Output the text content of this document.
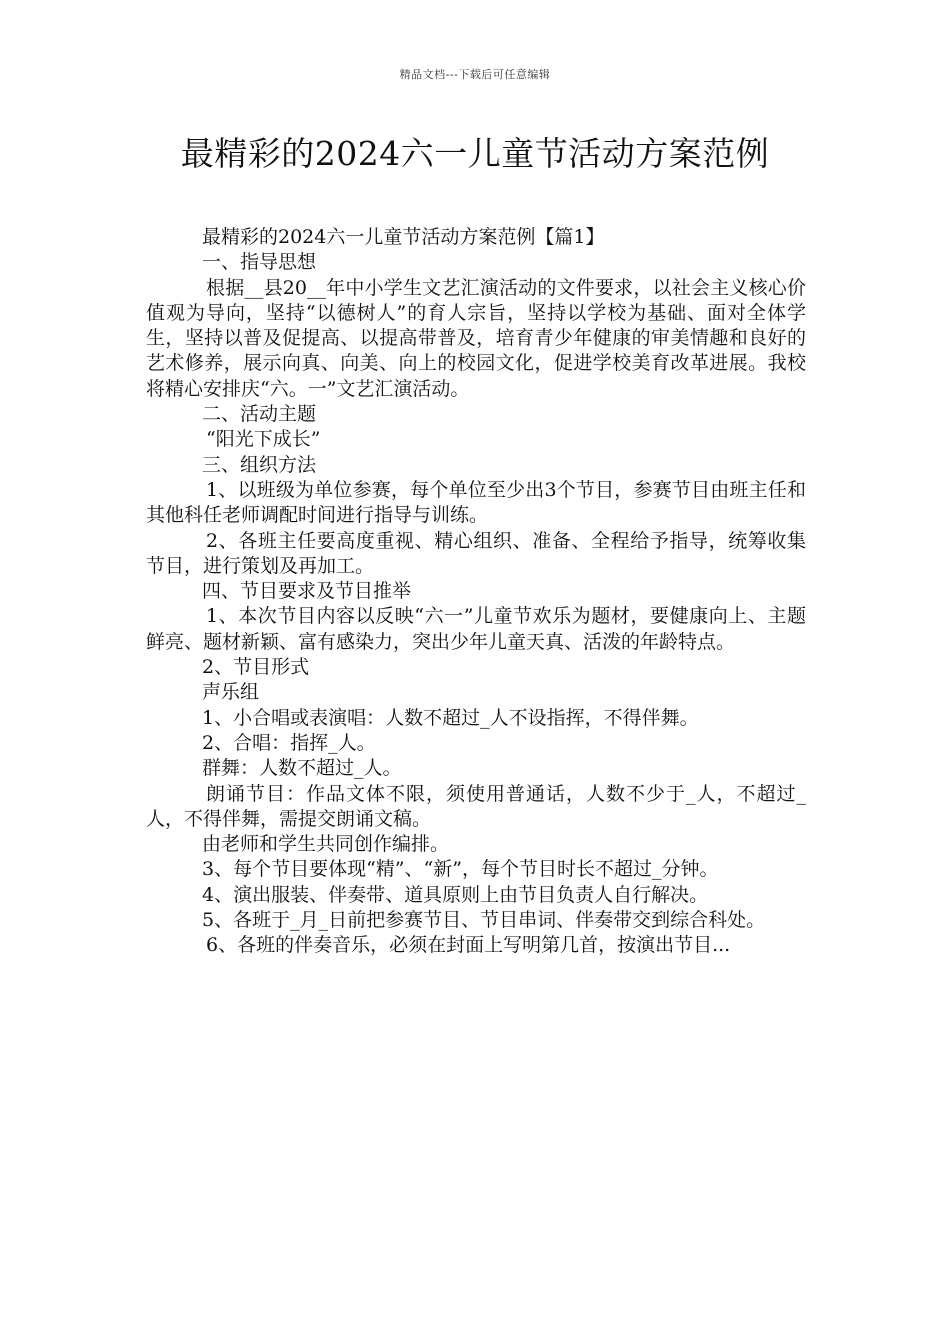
精品文档---下载后可任意编辑
最精彩的2024六一儿童节活动方案范例

最精彩的2024六一儿童节活动方案范例【篇1】

一、指导思想

根据__县20__年中小学生文艺汇演活动的文件要求，以社会主义核心价值观为导向，坚持“以德树人”的育人宗旨，坚持以学校为基础、面对全体学生，坚持以普及促提高、以提高带普及，培育青少年健康的审美情趣和良好的艺术修养，展示向真、向美、向上的校园文化，促进学校美育改革进展。我校将精心安排庆“六。一”文艺汇演活动。

二、活动主题

“阳光下成长”

三、组织方法

1、以班级为单位参赛，每个单位至少出3个节目，参赛节目由班主任和其他科任老师调配时间进行指导与训练。

2、各班主任要高度重视、精心组织、准备、全程给予指导，统筹收集节目，进行策划及再加工。

四、节目要求及节目推举

1、本次节目内容以反映“六一”儿童节欢乐为题材，要健康向上、主题鲜亮、题材新颖、富有感染力，突出少年儿童天真、活泼的年龄特点。

2、节目形式

声乐组

1、小合唱或表演唱：人数不超过_人不设指挥，不得伴舞。

2、合唱：指挥_人。

群舞：人数不超过_人。

朗诵节目：作品文体不限，须使用普通话，人数不少于_人，不超过_人，不得伴舞，需提交朗诵文稿。

由老师和学生共同创作编排。

3、每个节目要体现“精”、“新”，每个节目时长不超过_分钟。

4、演出服装、伴奏带、道具原则上由节目负责人自行解决。

5、各班于_月_日前把参赛节目、节目串词、伴奏带交到综合科处。

6、各班的伴奏音乐，必须在封面上写明第几首，按演出节目...
